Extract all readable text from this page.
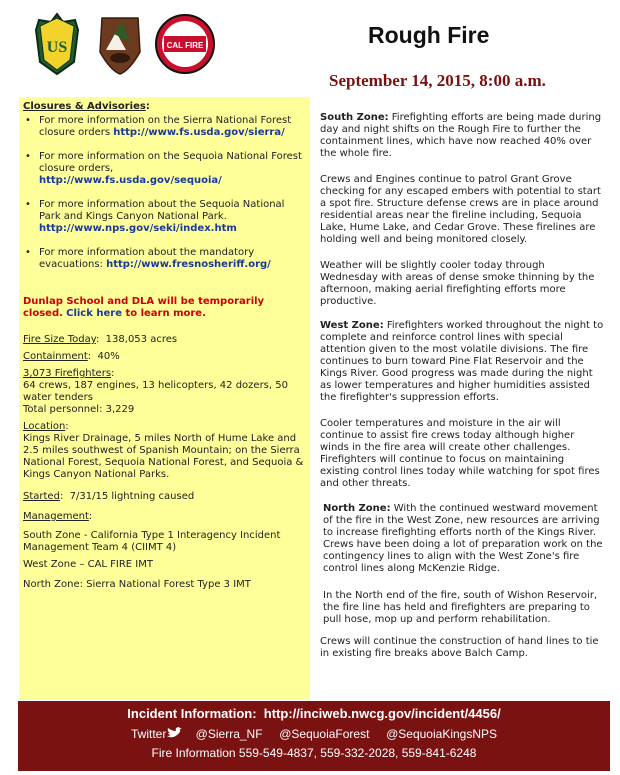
US	CAL FIRE	Rough Fire
September 14, 2015, 8:00 a.m.
Closures & Advisories:
• For more information on the Sierra National Forest closure orders http://www.fs.usda.gov/sierra/
• For more information on the Sequoia National Forest closure orders,
http://www.fs.usda.gov/sequoia/
• For more information about the Sequoia National Park and Kings Canyon National Park. http://www.nps.gov/seki/index.htm
• For more information about the mandatory evacuations: http://www.fresnosheriff.org/
Dunlap School and DLA will be temporarily closed. Click here to learn more.
Fire Size Today:  138,053 acres
Containment:  40%
3,073 Firefighters:
64 crews, 187 engines, 13 helicopters, 42 dozers, 50 water tenders
Total personnel: 3,229
Location:
Kings River Drainage, 5 miles North of Hume Lake and 2.5 miles southwest of Spanish Mountain; on the Sierra National Forest, Sequoia National Forest, and Sequoia & Kings Canyon National Parks.
Started:  7/31/15 lightning caused
Management:
South Zone - California Type 1 Interagency Incident Management Team 4 (CIIMT 4)
West Zone – CAL FIRE IMT
North Zone: Sierra National Forest Type 3 IMT

South Zone: Firefighting efforts are being made during day and night shifts on the Rough Fire to further the containment lines, which have now reached 40% over the whole fire.

Crews and Engines continue to patrol Grant Grove checking for any escaped embers with potential to start a spot fire. Structure defense crews are in place around residential areas near the fireline including, Sequoia Lake, Hume Lake, and Cedar Grove. These firelines are holding well and being monitored closely.

Weather will be slightly cooler today through Wednesday with areas of dense smoke thinning by the afternoon, making aerial firefighting efforts more productive.

West Zone: Firefighters worked throughout the night to complete and reinforce control lines with special attention given to the most volatile divisions. The fire continues to burn toward Pine Flat Reservoir and the Kings River. Good progress was made during the night as lower temperatures and higher humidities assisted the firefighter's suppression efforts.

Cooler temperatures and moisture in the air will continue to assist fire crews today although higher winds in the fire area will create other challenges. Firefighters will continue to focus on maintaining existing control lines today while watching for spot fires and other threats.

North Zone: With the continued westward movement of the fire in the West Zone, new resources are arriving to increase firefighting efforts north of the Kings River. Crews have been doing a lot of preparation work on the contingency lines to align with the West Zone's fire control lines along McKenzie Ridge.

In the North end of the fire, south of Wishon Reservoir, the fire line has held and firefighters are preparing to pull hose, mop up and perform rehabilitation.

Crews will continue the construction of hand lines to tie in existing fire breaks above Balch Camp.

Incident Information: http://inciweb.nwcg.gov/incident/4456/
Twitter @Sierra_NF     @SequoiaForest     @SequoiaKingsNPS
Fire Information 559-549-4837, 559-332-2028, 559-841-6248
